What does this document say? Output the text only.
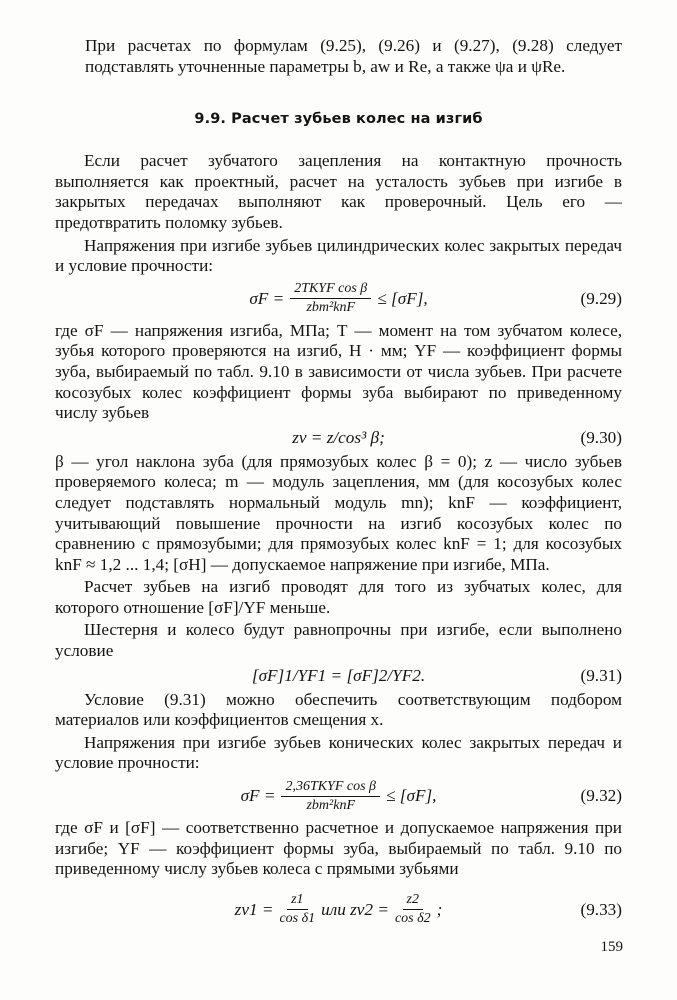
При расчетах по формулам (9.25), (9.26) и (9.27), (9.28) следует подставлять уточненные параметры b, aw и Re, а также ψa и ψRe.

9.9. Расчет зубьев колес на изгиб

Если расчет зубчатого зацепления на контактную прочность выполняется как проектный, расчет на усталость зубьев при изгибе в закрытых передачах выполняют как проверочный. Цель его — предотвратить поломку зубьев.

Напряжения при изгибе зубьев цилиндрических колес закрытых передач и условие прочности:

$\sigma F = \frac{\text{2TKYF cos β}}{\text{zbm²knF}} \le [\sigma F]$,	(9.29)

где σF — напряжения изгиба, МПа; T — момент на том зубчатом колесе, зубья которого проверяются на изгиб, Н · мм; YF — коэффициент формы зуба, выбираемый по табл. 9.10 в зависимости от числа зубьев. При расчете косозубых колес коэффициент формы зуба выбирают по приведенному числу зубьев

zv = z/cos³ β;	(9.30)

β — угол наклона зуба (для прямозубых колес β = 0); z — число зубьев проверяемого колеса; m — модуль зацепления, мм (для косозубых колес следует подставлять нормальный модуль mn); knF — коэффициент, учитывающий повышение прочности на изгиб косозубых колес по сравнению с прямозубыми; для прямозубых колес knF = 1; для косозубых knF ≈ 1,2 ... 1,4; [σH] — допускаемое напряжение при изгибе, МПа.

Расчет зубьев на изгиб проводят для того из зубчатых колес, для которого отношение [σF]/YF меньше.

Шестерня и колесо будут равнопрочны при изгибе, если выполнено условие

[σF]1/YF1 = [σF]2/YF2.	(9.31)

Условие (9.31) можно обеспечить соответствующим подбором материалов или коэффициентов смещения x.

Напряжения при изгибе зубьев конических колес закрытых передач и условие прочности:

$\sigma F = \frac{\text{2,36TKYF cos β}}{\text{zbm²knF}} \le [\sigma F]$,	(9.32)

где σF и [σF] — соответственно расчетное и допускаемое напряжения при изгибе; YF — коэффициент формы зуба, выбираемый по табл. 9.10 по приведенному числу зубьев колеса с прямыми зубьями

$zv1 = \frac{z1}{\text{cos δ1}}$ или $zv2 = \frac{z2}{\text{cos δ2}}$ ;	(9.33)
159
